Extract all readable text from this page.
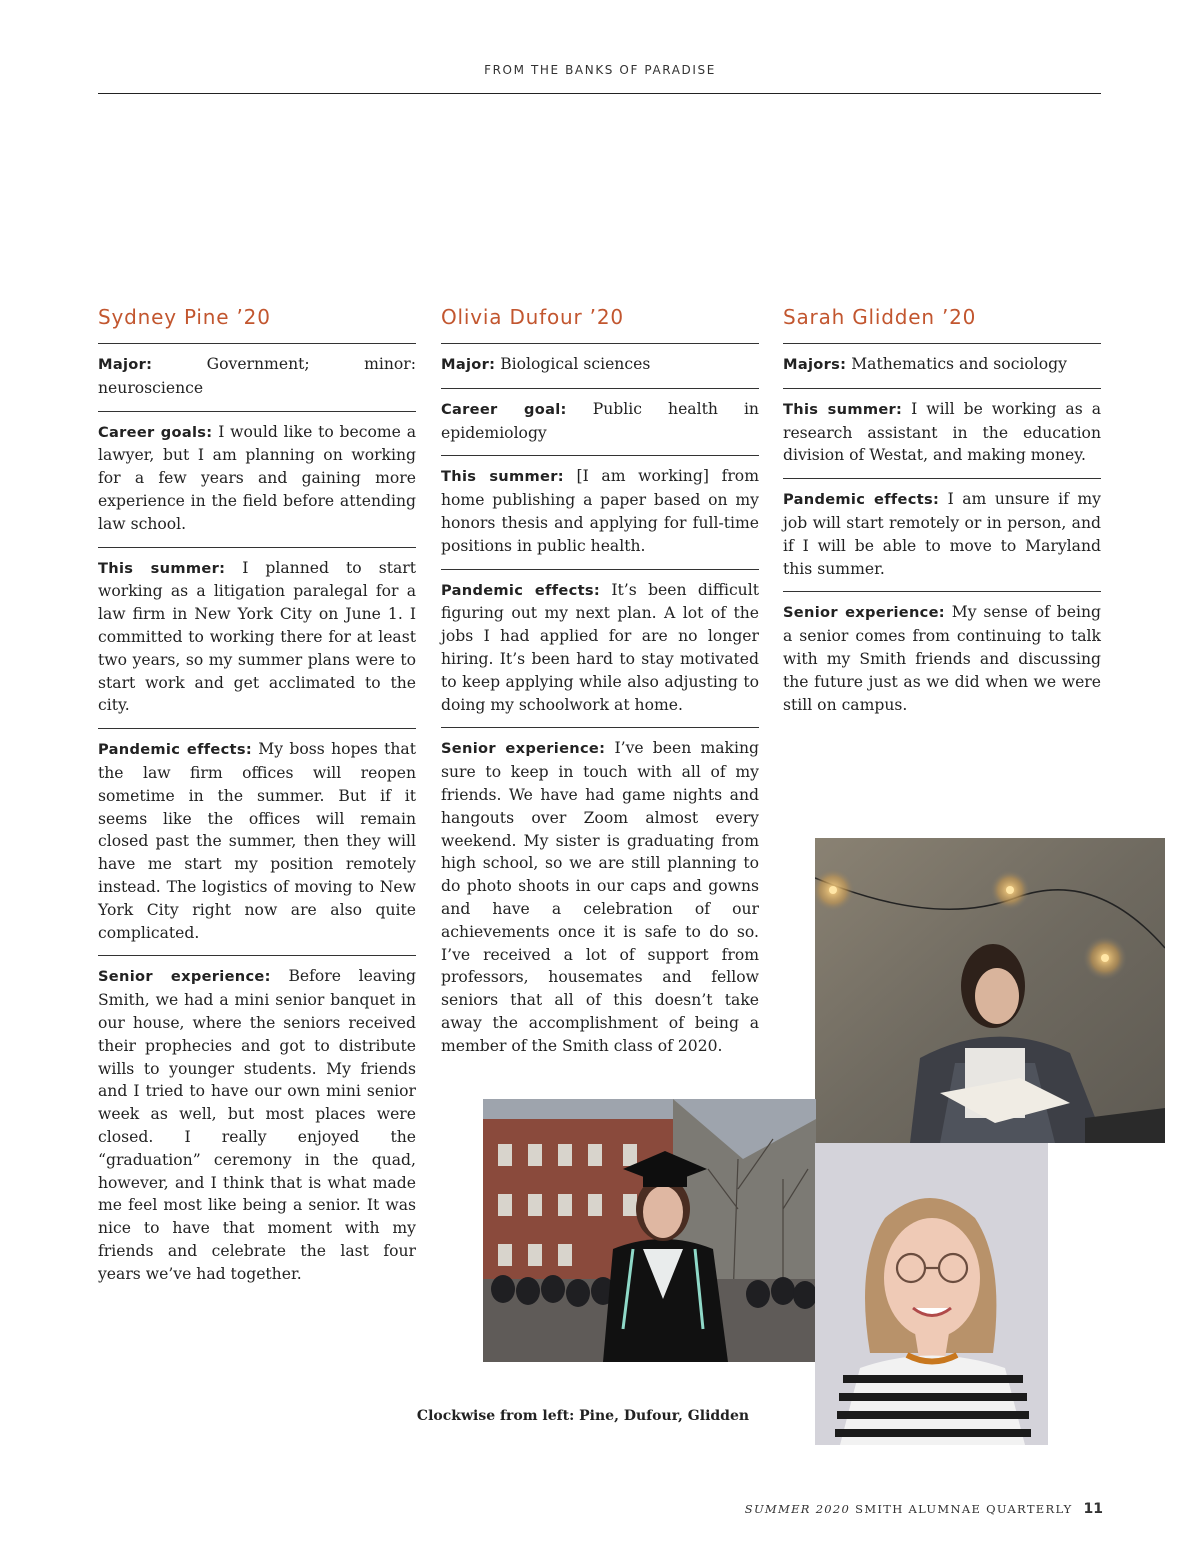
FROM THE BANKS OF PARADISE
Sydney Pine ’20
Major:	Government; minor: neuroscience
Career goals: I would like to become a lawyer, but I am planning on working for a few years and gaining more experience in the field before attending law school.
This summer: I planned to start working as a litigation paralegal for a law firm in New York City on June 1. I committed to working there for at least two years, so my summer plans were to start work and get acclimated to the city.
Pandemic effects: My boss hopes that the law firm offices will reopen sometime in the summer. But if it seems like the offices will remain closed past the summer, then they will have me start my position remotely instead. The logistics of moving to New York City right now are also quite complicated.
Senior experience: Before leaving Smith, we had a mini senior banquet in our house, where the seniors received their prophecies and got to distribute wills to younger students. My friends and I tried to have our own mini senior week as well, but most places were closed. I really enjoyed the “graduation” ceremony in the quad, however, and I think that is what made me feel most like being a senior. It was nice to have that moment with my friends and celebrate the last four years we’ve had together.
Olivia Dufour ’20
Major: Biological sciences
Career goal: Public health in epidemiology
This summer: [I am working] from home publishing a paper based on my honors thesis and applying for full-time positions in public health.
Pandemic effects: It’s been difficult figuring out my next plan. A lot of the jobs I had applied for are no longer hiring. It’s been hard to stay motivated to keep applying while also adjusting to doing my schoolwork at home.
Senior experience: I’ve been making sure to keep in touch with all of my friends. We have had game nights and hangouts over Zoom almost every weekend. My sister is graduating from high school, so we are still planning to do photo shoots in our caps and gowns and have a celebration of our achievements once it is safe to do so. I’ve received a lot of support from professors, housemates and fellow seniors that all of this doesn’t take away the accomplishment of being a member of the Smith class of 2020.
Sarah Glidden ’20
Majors: Mathematics and sociology
This summer: I will be working as a research assistant in the education division of Westat, and making money.
Pandemic effects: I am unsure if my job will start remotely or in person, and if I will be able to move to Maryland this summer.
Senior experience: My sense of being a senior comes from continuing to talk with my Smith friends and discussing the future just as we did when we were still on campus.
Clockwise from left: Pine, Dufour, Glidden
SUMMER 2020 SMITH ALUMNAE QUARTERLY 11
